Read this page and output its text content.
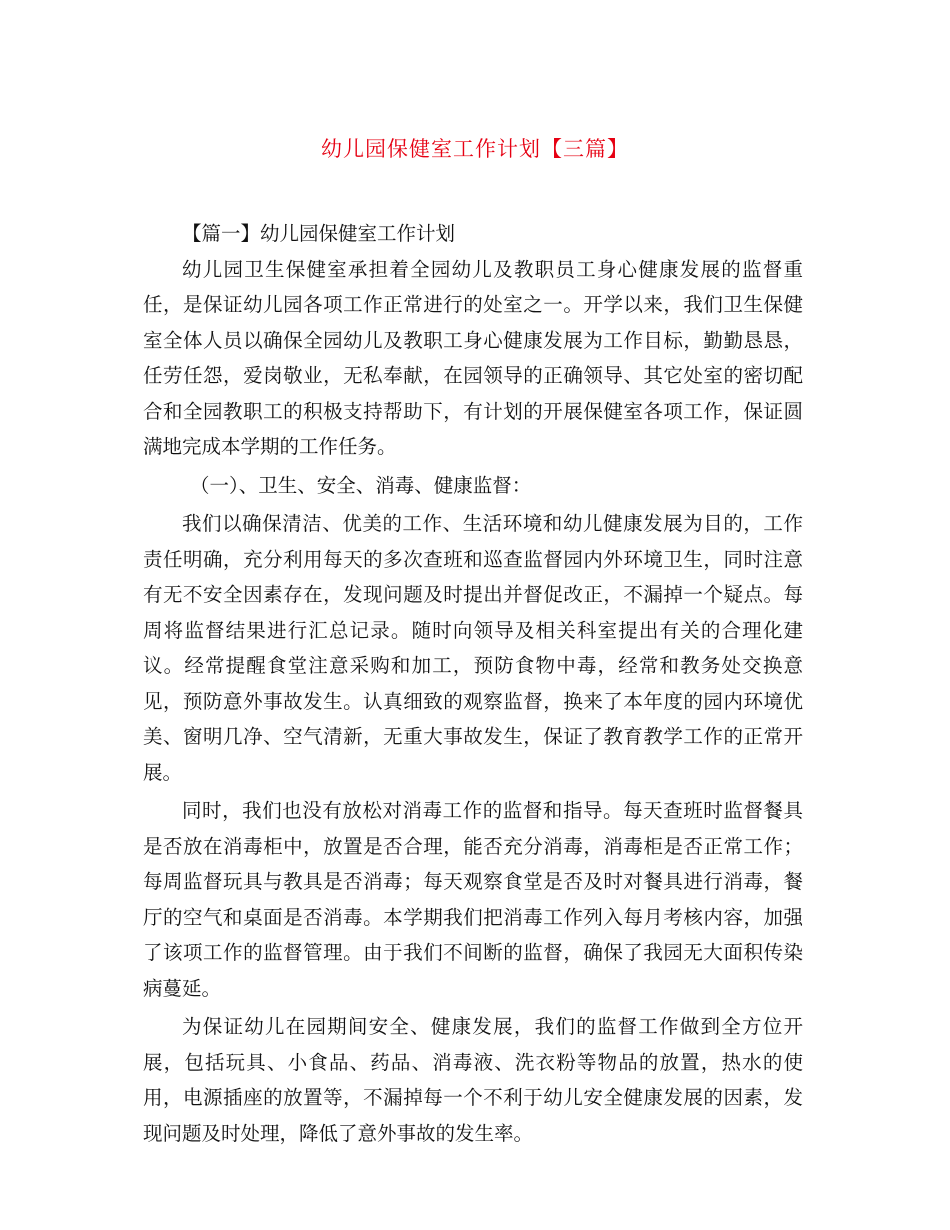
幼儿园保健室工作计划【三篇】

【篇一】幼儿园保健室工作计划

幼儿园卫生保健室承担着全园幼儿及教职员工身心健康发展的监督重任，是保证幼儿园各项工作正常进行的处室之一。开学以来，我们卫生保健室全体人员以确保全园幼儿及教职工身心健康发展为工作目标，勤勤恳恳，任劳任怨，爱岗敬业，无私奉献，在园领导的正确领导、其它处室的密切配合和全园教职工的积极支持帮助下，有计划的开展保健室各项工作，保证圆满地完成本学期的工作任务。

（一）、卫生、安全、消毒、健康监督：

我们以确保清洁、优美的工作、生活环境和幼儿健康发展为目的，工作责任明确，充分利用每天的多次查班和巡查监督园内外环境卫生，同时注意有无不安全因素存在，发现问题及时提出并督促改正，不漏掉一个疑点。每周将监督结果进行汇总记录。随时向领导及相关科室提出有关的合理化建议。经常提醒食堂注意采购和加工，预防食物中毒，经常和教务处交换意见，预防意外事故发生。认真细致的观察监督，换来了本年度的园内环境优美、窗明几净、空气清新，无重大事故发生，保证了教育教学工作的正常开展。

同时，我们也没有放松对消毒工作的监督和指导。每天查班时监督餐具是否放在消毒柜中，放置是否合理，能否充分消毒，消毒柜是否正常工作；每周监督玩具与教具是否消毒；每天观察食堂是否及时对餐具进行消毒，餐厅的空气和桌面是否消毒。本学期我们把消毒工作列入每月考核内容，加强了该项工作的监督管理。由于我们不间断的监督，确保了我园无大面积传染病蔓延。

为保证幼儿在园期间安全、健康发展，我们的监督工作做到全方位开展，包括玩具、小食品、药品、消毒液、洗衣粉等物品的放置，热水的使用，电源插座的放置等，不漏掉每一个不利于幼儿安全健康发展的因素，发现问题及时处理，降低了意外事故的发生率。
